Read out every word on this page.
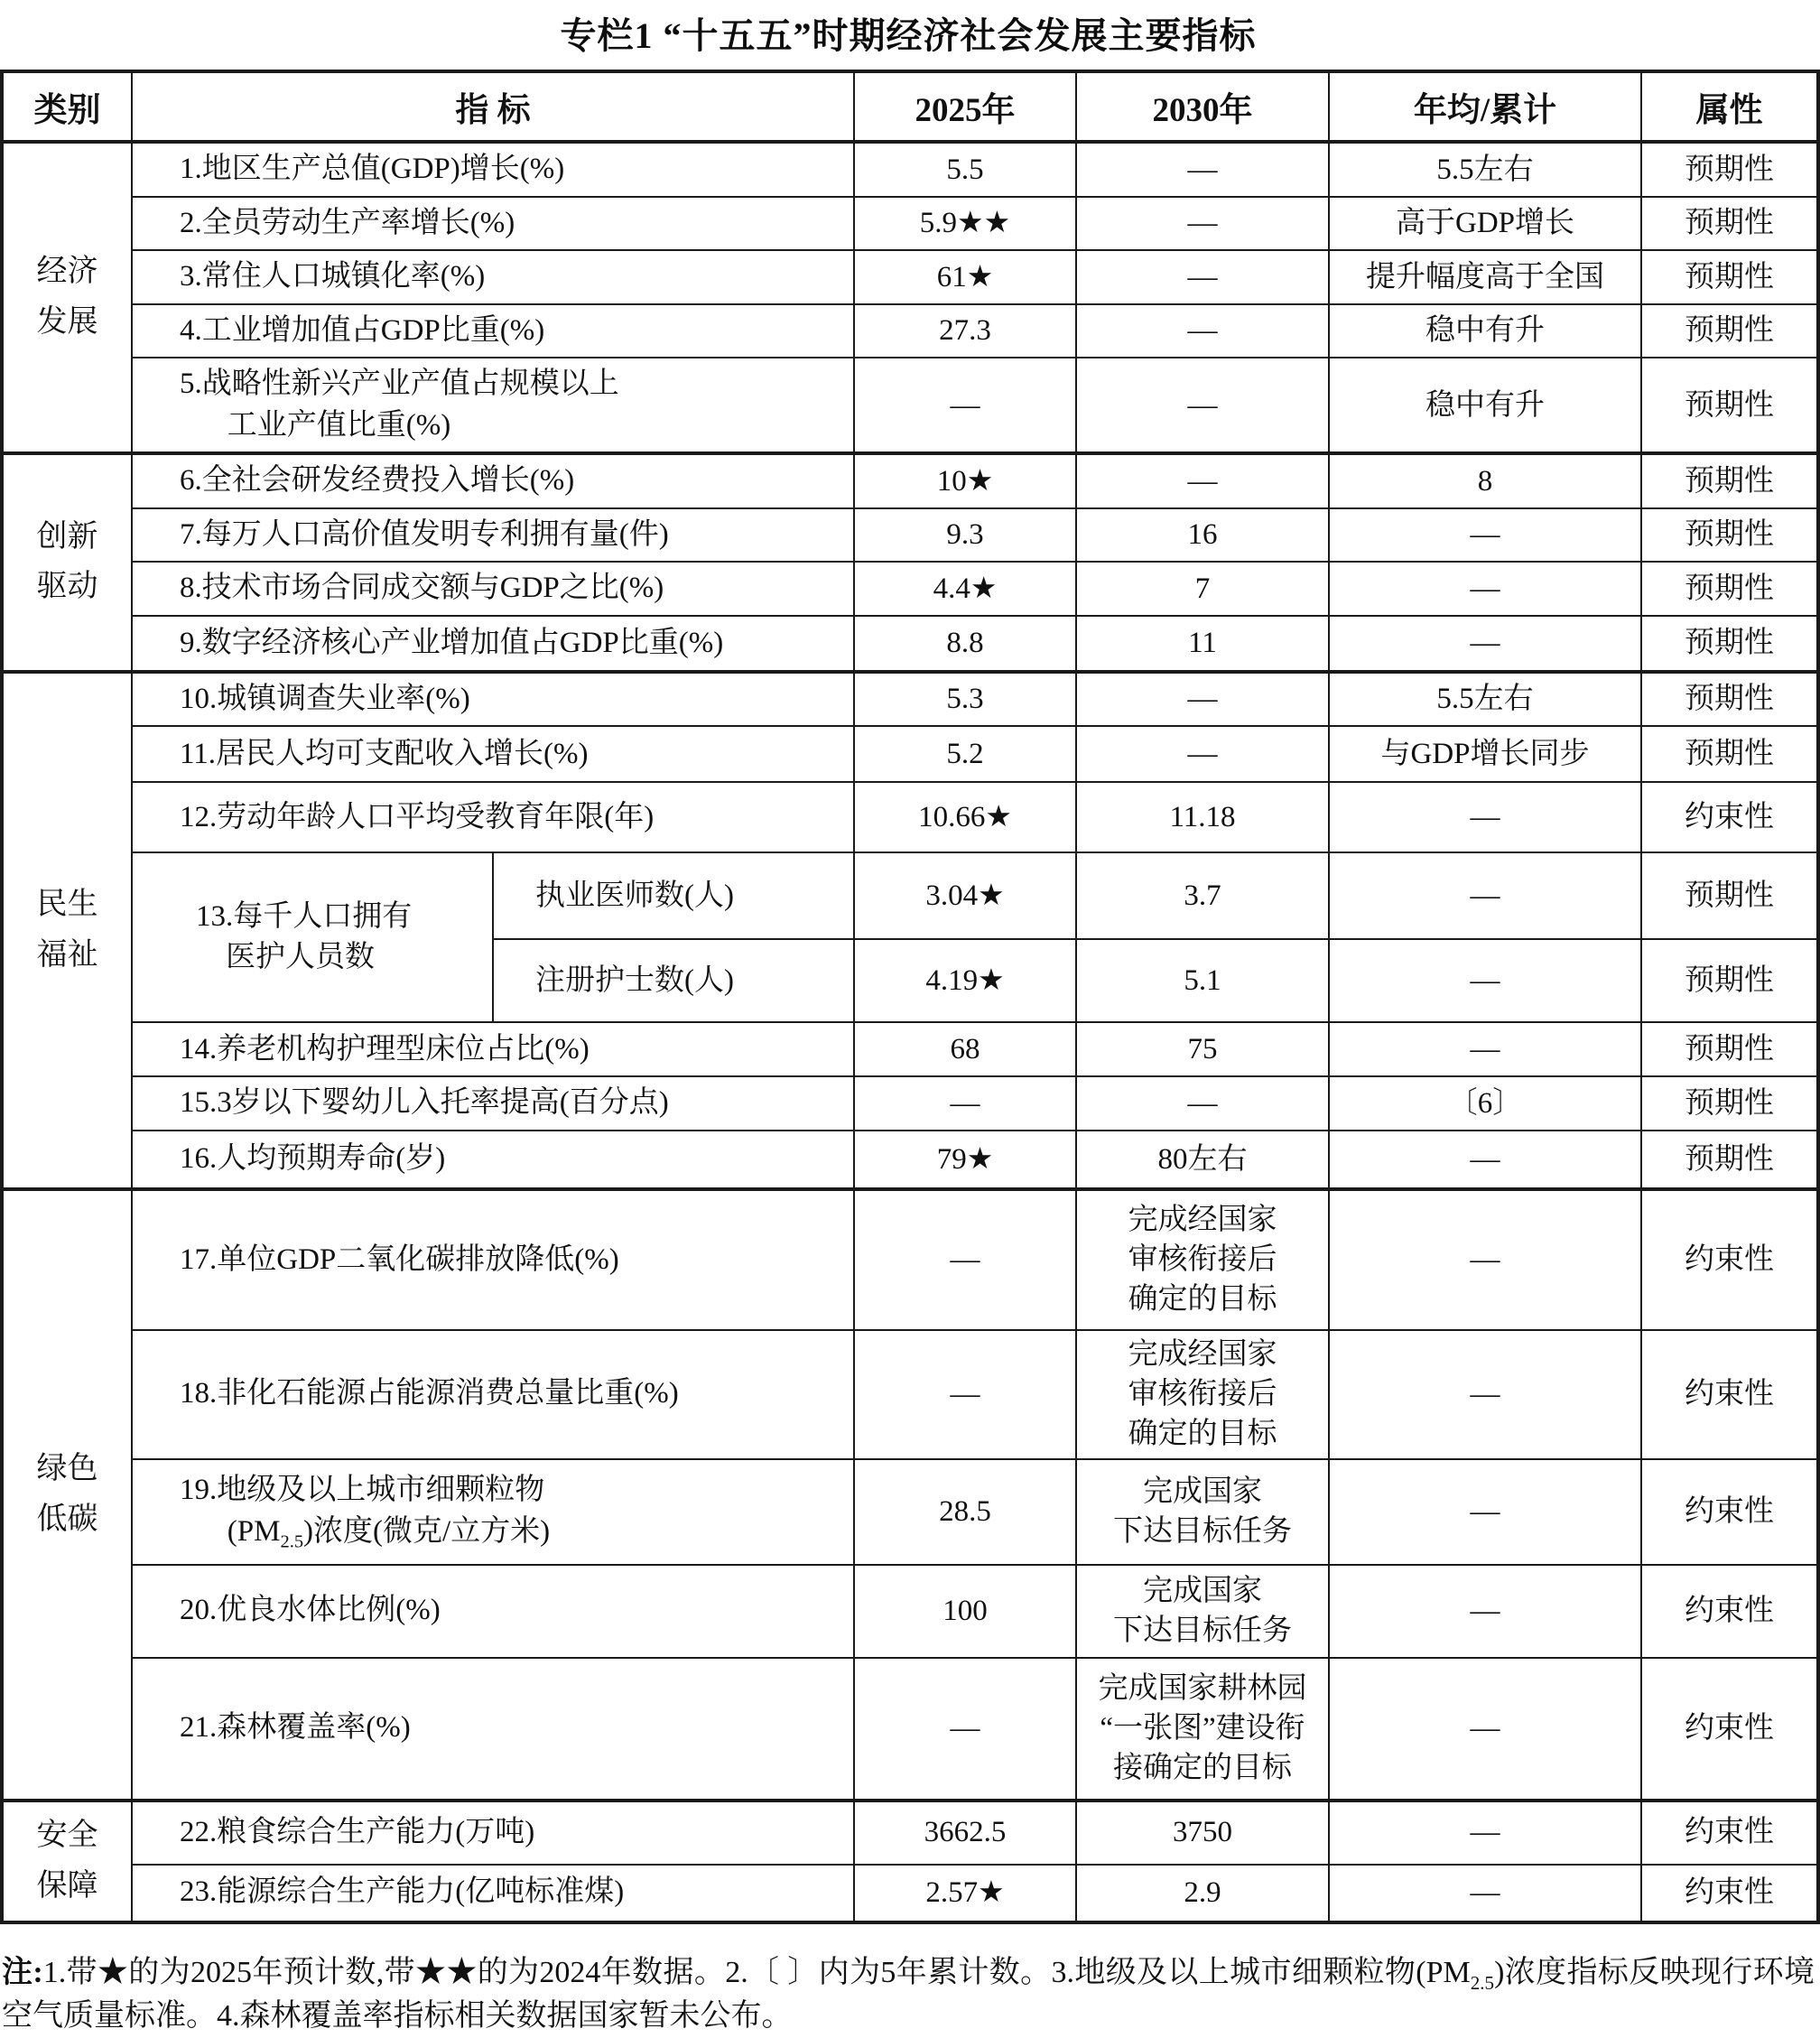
专栏1 “十五五”时期经济社会发展主要指标
类别	指 标		2025年	2030年	年均/累计	属性

经济
发展	1.地区生产总值(GDP)增长(%)		5.5	—	5.5左右	预期性

	2.全员劳动生产率增长(%)		5.9★★	—	高于GDP增长	预期性

	3.常住人口城镇化率(%)		61★	—	提升幅度高于全国	预期性

	4.工业增加值占GDP比重(%)		27.3	—	稳中有升	预期性

	5.战略性新兴产业产值占规模以上
工业产值比重(%)		—	—	稳中有升	预期性

创新
驱动	6.全社会研发经费投入增长(%)		10★	—	8	预期性

	7.每万人口高价值发明专利拥有量(件)		9.3	16	—	预期性

	8.技术市场合同成交额与GDP之比(%)		4.4★	7	—	预期性

	9.数字经济核心产业增加值占GDP比重(%)		8.8	11	—	预期性

民生
福祉	10.城镇调查失业率(%)		5.3	—	5.5左右	预期性

	11.居民人均可支配收入增长(%)		5.2	—	与GDP增长同步	预期性

	12.劳动年龄人口平均受教育年限(年)		10.66★	11.18	—	约束性

	13.每千人口拥有
医护人员数	执业医师数(人)	3.04★	3.7	—	预期性

		注册护士数(人)	4.19★	5.1	—	预期性

	14.养老机构护理型床位占比(%)		68	75	—	预期性

	15.3岁以下婴幼儿入托率提高(百分点)		—	—	〔6〕	预期性

	16.人均预期寿命(岁)		79★	80左右	—	预期性

绿色
低碳	17.单位GDP二氧化碳排放降低(%)		—	完成经国家
审核衔接后
确定的目标	—	约束性

	18.非化石能源占能源消费总量比重(%)		—	完成经国家
审核衔接后
确定的目标	—	约束性

	19.地级及以上城市细颗粒物
$(PM_{2.5})$浓度(微克/立方米)		28.5	完成国家
下达目标任务	—	约束性

	20.优良水体比例(%)		100	完成国家
下达目标任务	—	约束性

	21.森林覆盖率(%)		—	完成国家耕林园
“一张图”建设衔
接确定的目标	—	约束性

安全
保障	22.粮食综合生产能力(万吨)		3662.5	3750	—	约束性

	23.能源综合生产能力(亿吨标准煤)		2.57★	2.9	—	约束性
注:1.带★的为2025年预计数,带★★的为2024年数据。2.〔 〕内为5年累计数。3.地级及以上城市细颗粒物$(PM_{2.5})$浓度指标反映现行环境空气质量标准。4.森林覆盖率指标相关数据国家暂未公布。
